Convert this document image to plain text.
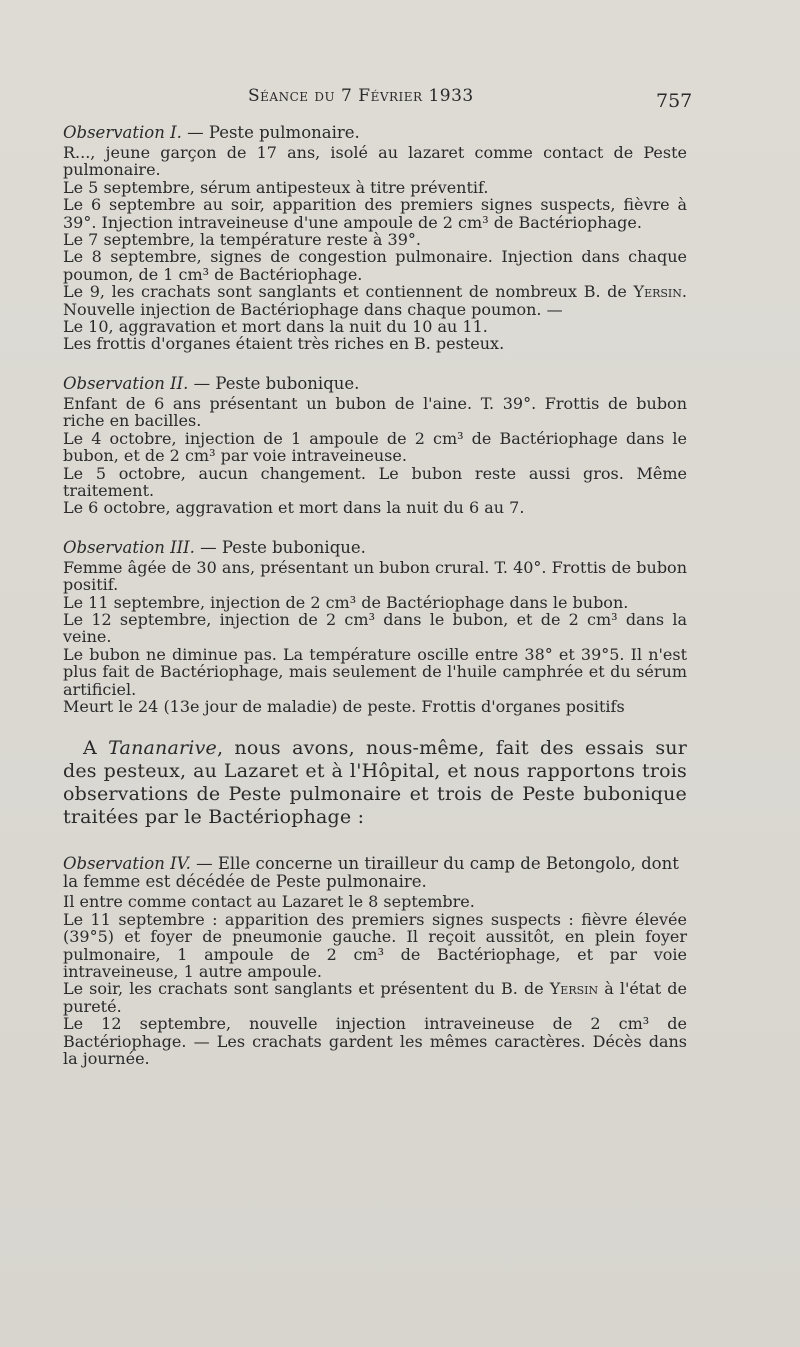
Séance du 7 Février 1933	757

Observation I. — Peste pulmonaire.

R..., jeune garçon de 17 ans, isolé au lazaret comme contact de Peste pulmonaire.

Le 5 septembre, sérum antipesteux à titre préventif.

Le 6 septembre au soir, apparition des premiers signes suspects, fièvre à 39°. Injection intraveineuse d'une ampoule de 2 cm³ de Bactériophage.

Le 7 septembre, la température reste à 39°.

Le 8 septembre, signes de congestion pulmonaire. Injection dans chaque poumon, de 1 cm³ de Bactériophage.

Le 9, les crachats sont sanglants et contiennent de nombreux B. de Yersin. Nouvelle injection de Bactériophage dans chaque poumon. —

Le 10, aggravation et mort dans la nuit du 10 au 11.

Les frottis d'organes étaient très riches en B. pesteux.

Observation II. — Peste bubonique.

Enfant de 6 ans présentant un bubon de l'aine. T. 39°. Frottis de bubon riche en bacilles.

Le 4 octobre, injection de 1 ampoule de 2 cm³ de Bactériophage dans le bubon, et de 2 cm³ par voie intraveineuse.

Le 5 octobre, aucun changement. Le bubon reste aussi gros. Même traitement.

Le 6 octobre, aggravation et mort dans la nuit du 6 au 7.

Observation III. — Peste bubonique.

Femme âgée de 30 ans, présentant un bubon crural. T. 40°. Frottis de bubon positif.

Le 11 septembre, injection de 2 cm³ de Bactériophage dans le bubon.

Le 12 septembre, injection de 2 cm³ dans le bubon, et de 2 cm³ dans la veine.

Le bubon ne diminue pas. La température oscille entre 38° et 39°5. Il n'est plus fait de Bactériophage, mais seulement de l'huile camphrée et du sérum artificiel.

Meurt le 24 (13e jour de maladie) de peste. Frottis d'organes positifs

A Tananarive, nous avons, nous-même, fait des essais sur des pesteux, au Lazaret et à l'Hôpital, et nous rapportons trois observations de Peste pulmonaire et trois de Peste bubonique traitées par le Bactériophage :

Observation IV. — Elle concerne un tirailleur du camp de Betongolo, dont la femme est décédée de Peste pulmonaire.

Il entre comme contact au Lazaret le 8 septembre.

Le 11 septembre : apparition des premiers signes suspects : fièvre élevée (39°5) et foyer de pneumonie gauche. Il reçoit aussitôt, en plein foyer pulmonaire, 1 ampoule de 2 cm³ de Bactériophage, et par voie intraveineuse, 1 autre ampoule.

Le soir, les crachats sont sanglants et présentent du B. de Yersin à l'état de pureté.

Le 12 septembre, nouvelle injection intraveineuse de 2 cm³ de Bactériophage. — Les crachats gardent les mêmes caractères. Décès dans la journée.
